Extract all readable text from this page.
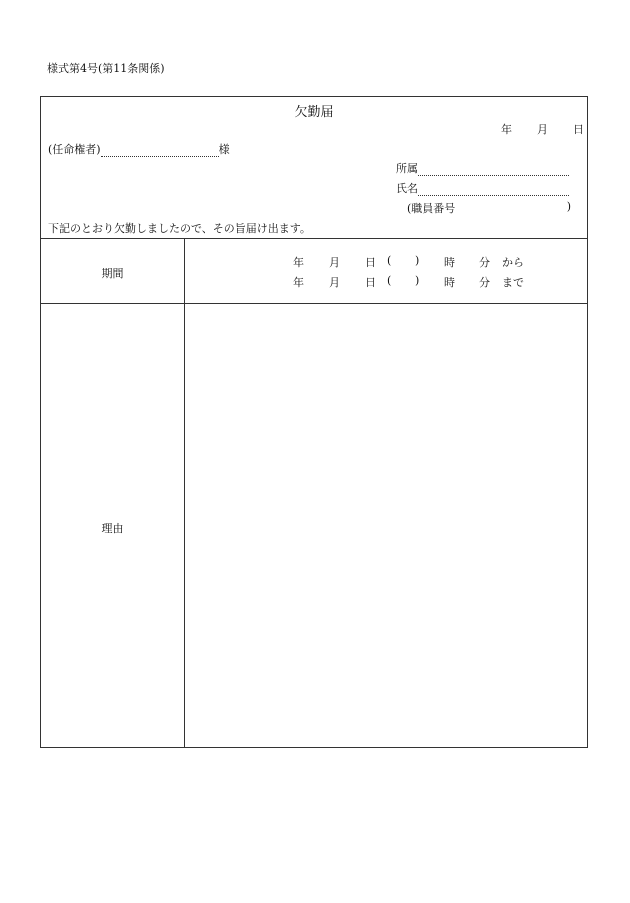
様式第4号(第11条関係)
欠勤届
年 月 日
(任命権者)	様
所属
氏名
(職員番号	)
下記のとおり欠勤しましたので、その旨届け出ます。
期間
年 月 日 ( ) 時 分 から
年 月 日 ( ) 時 分 まで
理由
